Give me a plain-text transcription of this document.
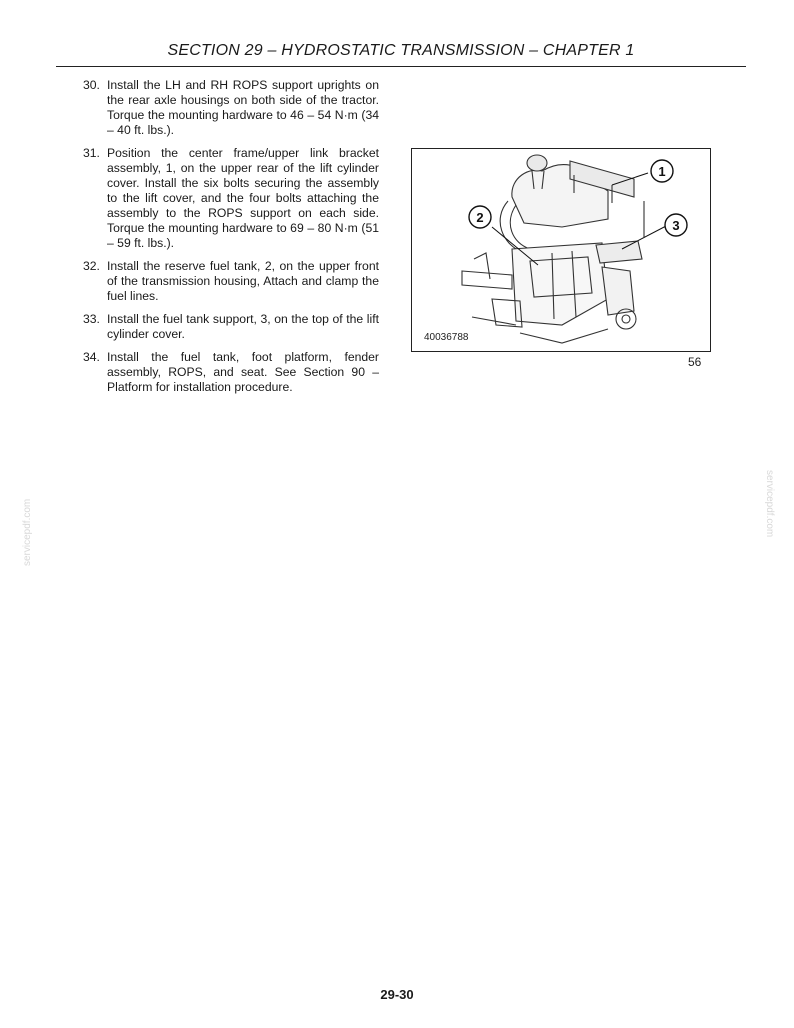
SECTION 29 – HYDROSTATIC TRANSMISSION – CHAPTER 1
30. Install the LH and RH ROPS support uprights on the rear axle housings on both side of the tractor. Torque the mounting hardware to 46 – 54 N·m (34 – 40 ft. lbs.).
31. Position the center frame/upper link bracket assembly, 1, on the upper rear of the lift cylinder cover. Install the six bolts securing the assembly to the lift cover, and the four bolts attaching the assembly to the ROPS support on each side. Torque the mounting hardware to 69 – 80 N·m (51 – 59 ft. lbs.).
32. Install the reserve fuel tank, 2, on the upper front of the transmission housing, Attach and clamp the fuel lines.
33. Install the fuel tank support, 3, on the top of the lift cylinder cover.
34. Install the fuel tank, foot platform, fender assembly, ROPS, and seat. See Section 90 – Platform for installation procedure.
1
2
3
40036788
56
servicepdf.com	servicepdf.com
29-30
